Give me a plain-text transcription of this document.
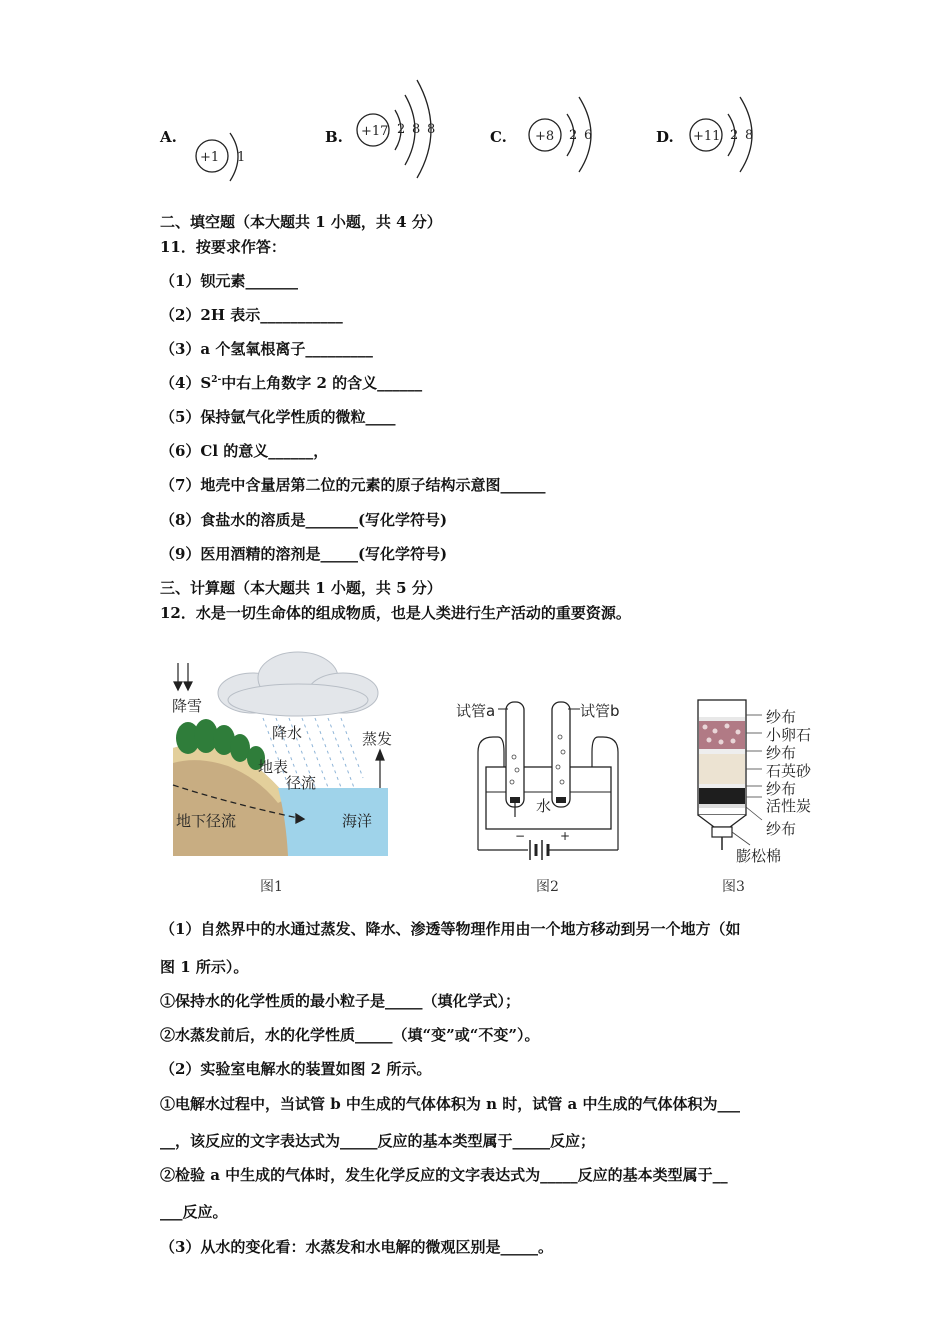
A.
+1 1
B. +17 2 8 8	C. +8 2 6	D. +11 2 8
二、填空题（本大题共 1 小题，共 4 分）
11．按要求作答：
（1）钡元素_______
（2）2H 表示___________
（3）a 个氢氧根离子_________
$(4)S^{2-}$中右上角数字 2 的含义______
（5）保持氩气化学性质的微粒____
（6）Cl 的意义______，
（7）地壳中含量居第二位的元素的原子结构示意图______
（8）食盐水的溶质是_______(写化学符号)
（9）医用酒精的溶剂是_____(写化学符号)
三、计算题（本大题共 1 小题，共 5 分）
12．水是一切生命体的组成物质，也是人类进行生产活动的重要资源。
降雪
降水	蒸发
地表
径流
地下径流	海洋
图1
试管a	试管b
水
−	+
图2
纱布
小卵石
纱布
石英砂
纱布
活性炭
纱布
膨松棉
图3
（1）自然界中的水通过蒸发、降水、渗透等物理作用由一个地方移动到另一个地方（如
图 1 所示）。
①保持水的化学性质的最小粒子是_____（填化学式）；
②水蒸发前后，水的化学性质_____（填“变”或“不变”）。
（2）实验室电解水的装置如图 2 所示。
①电解水过程中，当试管 b 中生成的气体体积为 n 时，试管 a 中生成的气体体积为___
__，该反应的文字表达式为_____反应的基本类型属于_____反应；
②检验 a 中生成的气体时，发生化学反应的文字表达式为_____反应的基本类型属于__
___反应。
（3）从水的变化看：水蒸发和水电解的微观区别是_____。
